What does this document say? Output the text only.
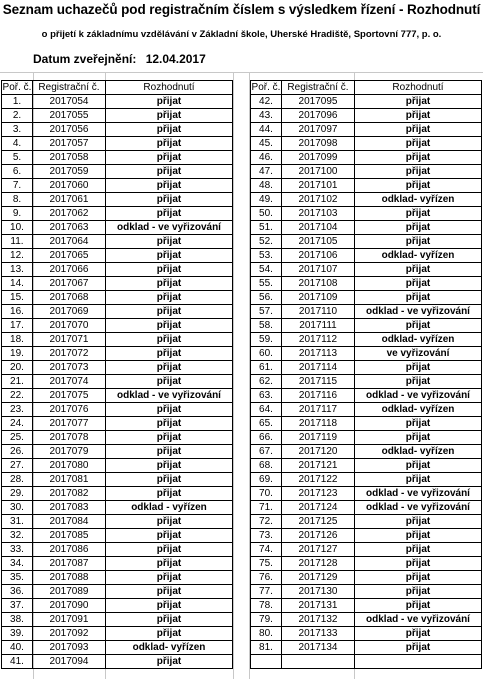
Seznam uchazečů pod registračním číslem s výsledkem řízení - Rozhodnutí
o přijetí k základnímu vzdělávání v Základní škole, Uherské Hradiště, Sportovní 777, p. o.
Datum zveřejnění: 12.04.2017
Poř. č.	Registrační č.	Rozhodnutí
1.	2017054	přijat
2.	2017055	přijat
3.	2017056	přijat
4.	2017057	přijat
5.	2017058	přijat
6.	2017059	přijat
7.	2017060	přijat
8.	2017061	přijat
9.	2017062	přijat
10.	2017063	odklad - ve vyřizování
11.	2017064	přijat
12.	2017065	přijat
13.	2017066	přijat
14.	2017067	přijat
15.	2017068	přijat
16.	2017069	přijat
17.	2017070	přijat
18.	2017071	přijat
19.	2017072	přijat
20.	2017073	přijat
21.	2017074	přijat
22.	2017075	odklad - ve vyřizování
23.	2017076	přijat
24.	2017077	přijat
25.	2017078	přijat
26.	2017079	přijat
27.	2017080	přijat
28.	2017081	přijat
29.	2017082	přijat
30.	2017083	odklad - vyřízen
31.	2017084	přijat
32.	2017085	přijat
33.	2017086	přijat
34.	2017087	přijat
35.	2017088	přijat
36.	2017089	přijat
37.	2017090	přijat
38.	2017091	přijat
39.	2017092	přijat
40.	2017093	odklad- vyřízen
41.	2017094	přijat
Poř. č.	Registrační č.	Rozhodnutí
42.	2017095	přijat
43.	2017096	přijat
44.	2017097	přijat
45.	2017098	přijat
46.	2017099	přijat
47.	2017100	přijat
48.	2017101	přijat
49.	2017102	odklad- vyřízen
50.	2017103	přijat
51.	2017104	přijat
52.	2017105	přijat
53.	2017106	odklad- vyřízen
54.	2017107	přijat
55.	2017108	přijat
56.	2017109	přijat
57.	2017110	odklad - ve vyřizování
58.	2017111	přijat
59.	2017112	odklad- vyřízen
60.	2017113	ve vyřizování
61.	2017114	přijat
62.	2017115	přijat
63.	2017116	odklad - ve vyřizování
64.	2017117	odklad- vyřízen
65.	2017118	přijat
66.	2017119	přijat
67.	2017120	odklad- vyřízen
68.	2017121	přijat
69.	2017122	přijat
70.	2017123	odklad - ve vyřizování
71.	2017124	odklad - ve vyřizování
72.	2017125	přijat
73.	2017126	přijat
74.	2017127	přijat
75.	2017128	přijat
76.	2017129	přijat
77.	2017130	přijat
78.	2017131	přijat
79.	2017132	odklad - ve vyřizování
80.	2017133	přijat
81.	2017134	přijat
